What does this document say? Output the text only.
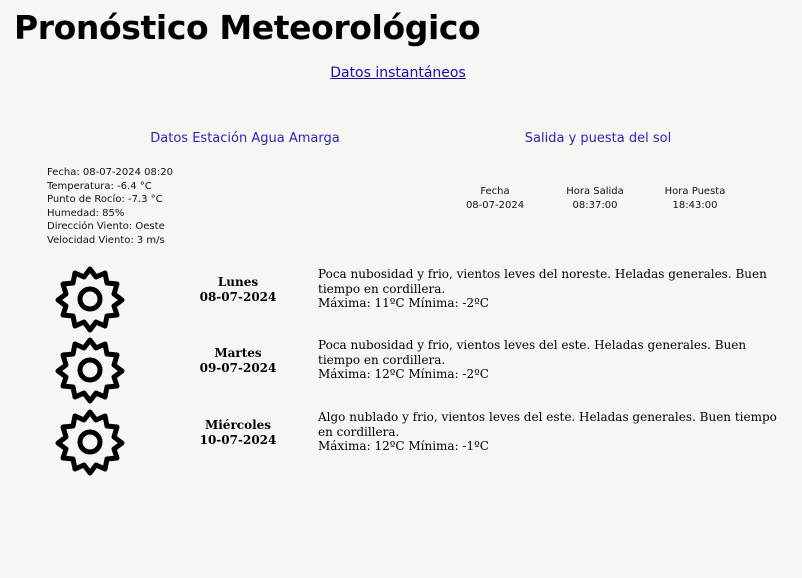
Pronóstico Meteorológico
Datos instantáneos
Datos Estación Agua Amarga	Salida y puesta del sol
Fecha: 08-07-2024 08:20
Temperatura: -6.4 °C
Punto de Rocío: -7.3 °C
Humedad: 85%
Dirección Viento: Oeste
Velocidad Viento: 3 m/s
Fecha	Hora Salida	Hora Puesta
08-07-2024	08:37:00	18:43:00
Lunes
08-07-2024
Poca nubosidad y frio, vientos leves del noreste. Heladas generales. Buen tiempo en cordillera.
Máxima: 11ºC Mínima: -2ºC
Martes
09-07-2024
Poca nubosidad y frio, vientos leves del este. Heladas generales. Buen tiempo en cordillera.
Máxima: 12ºC Mínima: -2ºC
Miércoles
10-07-2024
Algo nublado y frio, vientos leves del este. Heladas generales. Buen tiempo en cordillera.
Máxima: 12ºC Mínima: -1ºC
